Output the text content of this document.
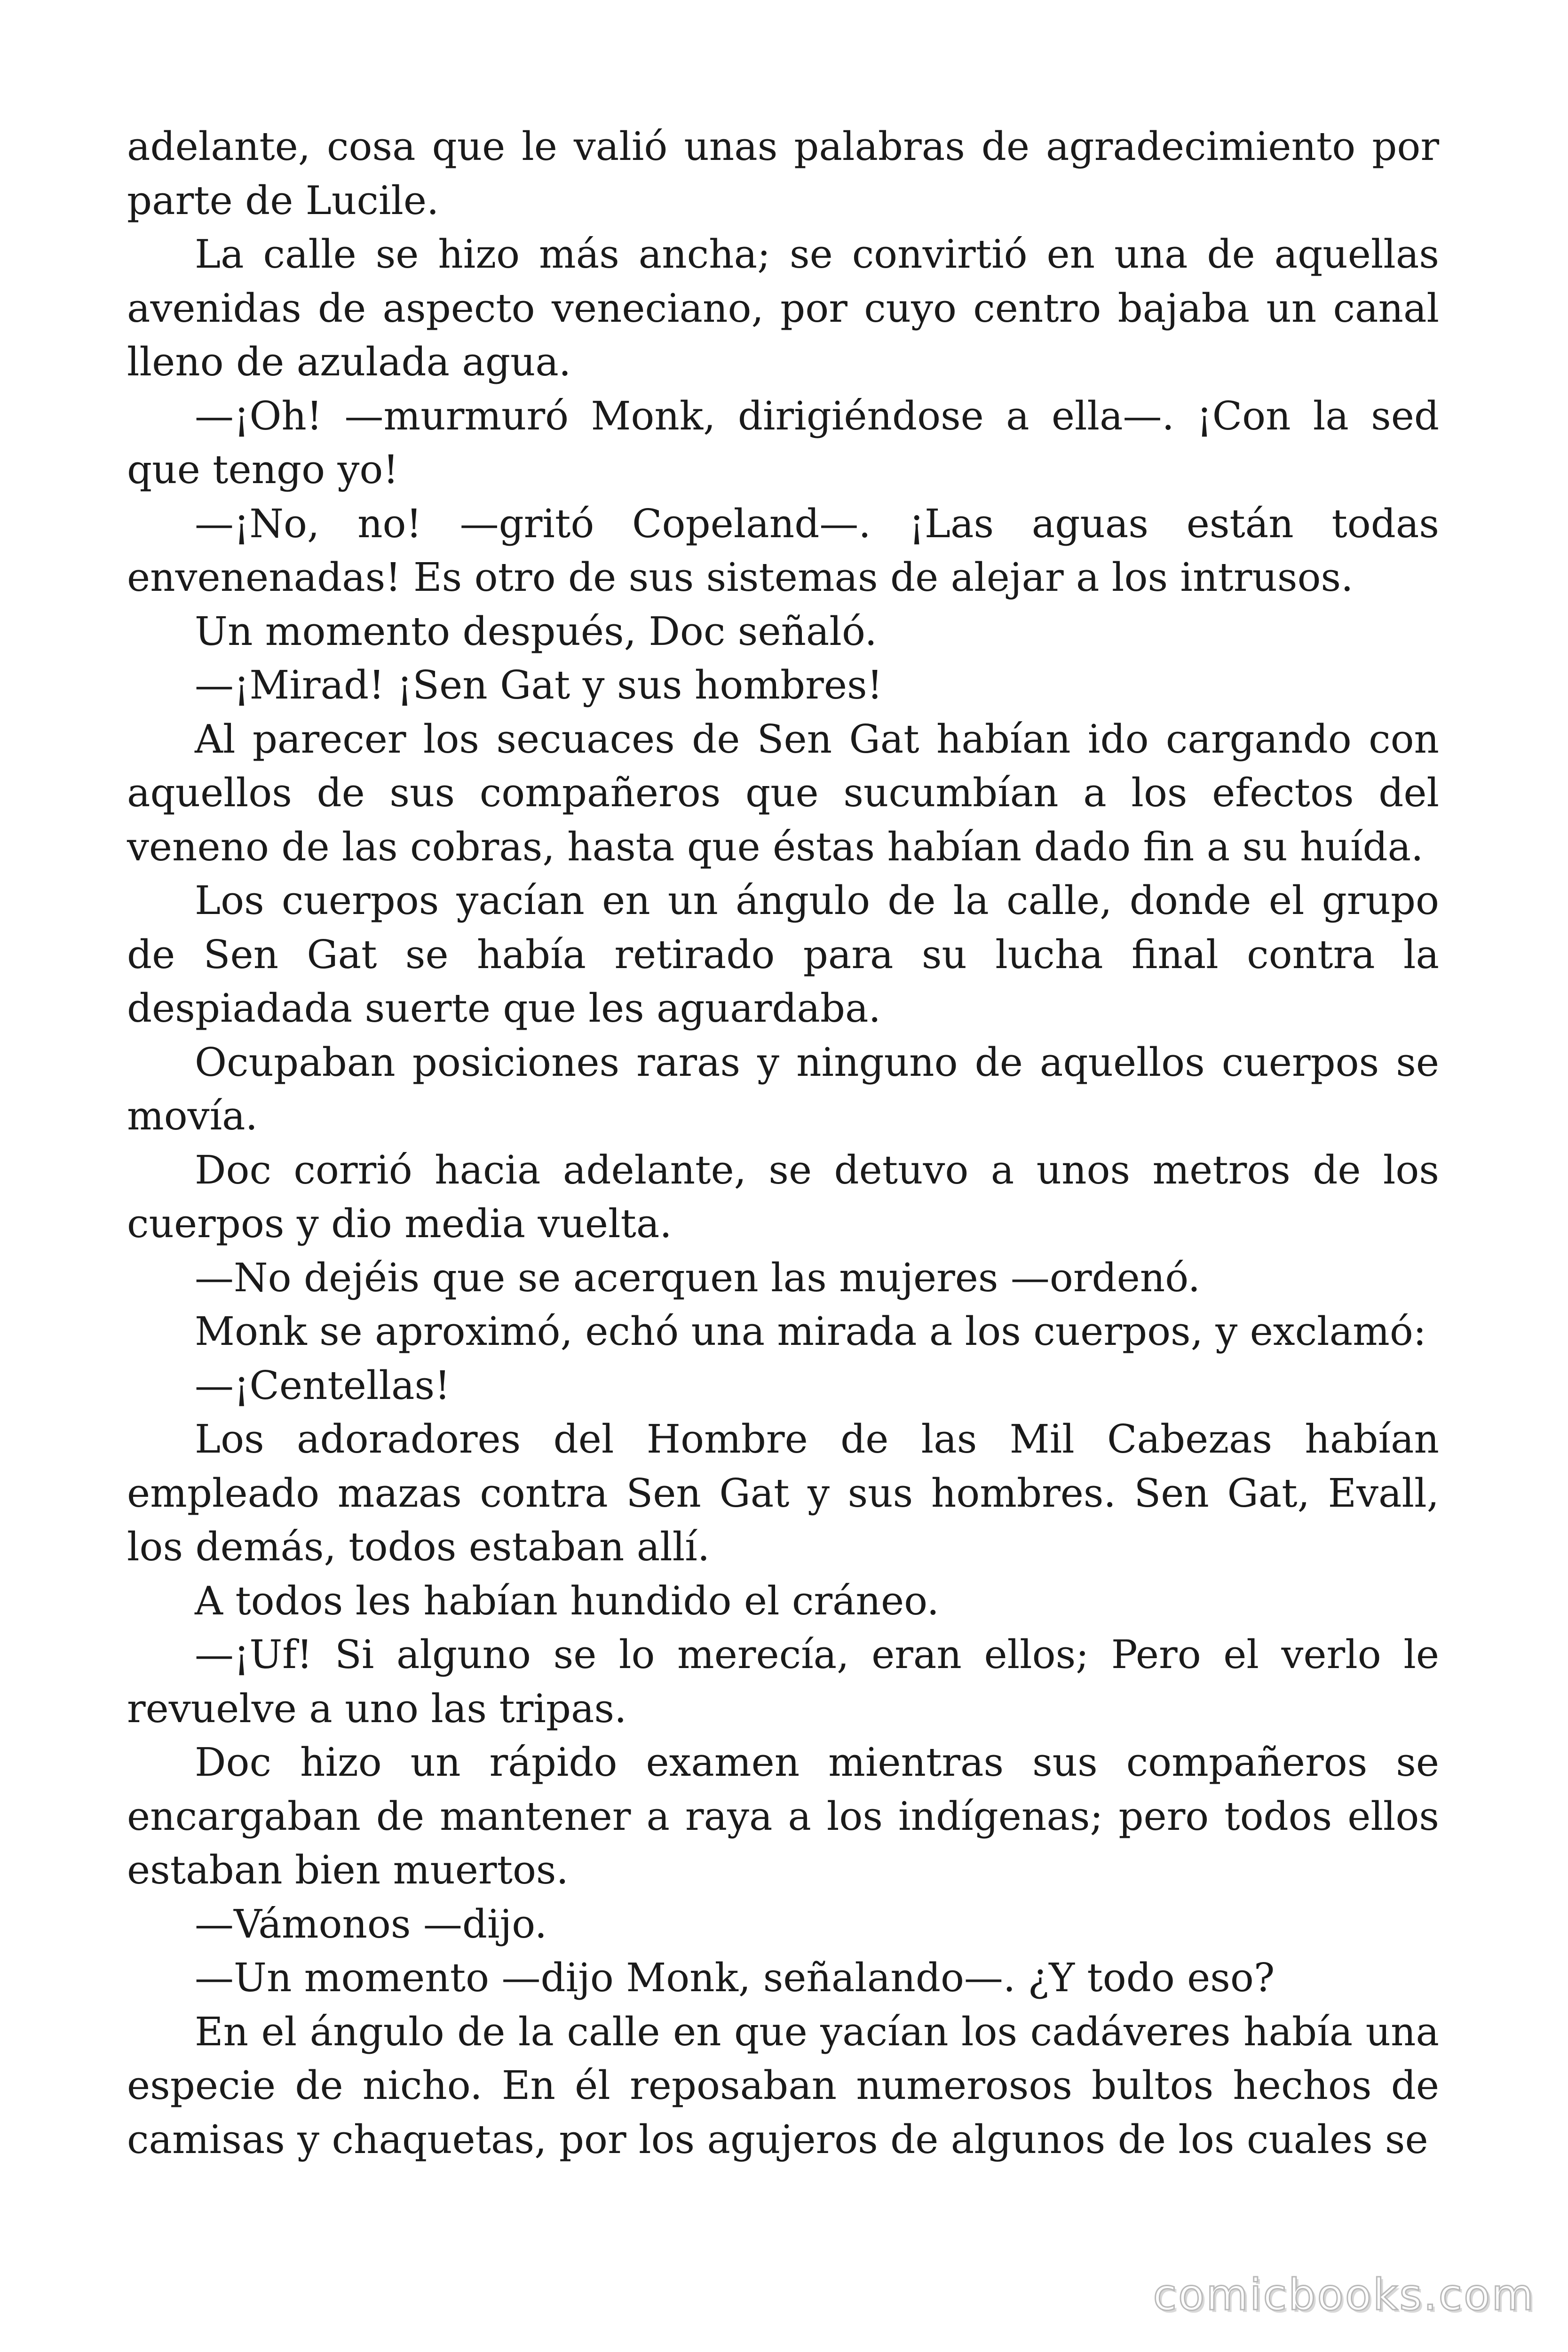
adelante, cosa que le valió unas palabras de agradecimiento por parte de Lucile.

La calle se hizo más ancha; se convirtió en una de aquellas avenidas de aspecto veneciano, por cuyo centro bajaba un canal lleno de azulada agua.

—¡Oh! —murmuró Monk, dirigiéndose a ella—. ¡Con la sed que tengo yo!

—¡No, no! —gritó Copeland—. ¡Las aguas están todas envenenadas! Es otro de sus sistemas de alejar a los intrusos.

Un momento después, Doc señaló.

—¡Mirad! ¡Sen Gat y sus hombres!

Al parecer los secuaces de Sen Gat habían ido cargando con aquellos de sus compañeros que sucumbían a los efectos del veneno de las cobras, hasta que éstas habían dado fin a su huída.

Los cuerpos yacían en un ángulo de la calle, donde el grupo de Sen Gat se había retirado para su lucha final contra la despiadada suerte que les aguardaba.

Ocupaban posiciones raras y ninguno de aquellos cuerpos se movía.

Doc corrió hacia adelante, se detuvo a unos metros de los cuerpos y dio media vuelta.

—No dejéis que se acerquen las mujeres —ordenó.

Monk se aproximó, echó una mirada a los cuerpos, y exclamó:

—¡Centellas!

Los adoradores del Hombre de las Mil Cabezas habían empleado mazas contra Sen Gat y sus hombres. Sen Gat, Evall, los demás, todos estaban allí.

A todos les habían hundido el cráneo.

—¡Uf! Si alguno se lo merecía, eran ellos; Pero el verlo le revuelve a uno las tripas.

Doc hizo un rápido examen mientras sus compañeros se encargaban de mantener a raya a los indígenas; pero todos ellos estaban bien muertos.

—Vámonos —dijo.

—Un momento —dijo Monk, señalando—. ¿Y todo eso?

En el ángulo de la calle en que yacían los cadáveres había una especie de nicho. En él reposaban numerosos bultos hechos de camisas y chaquetas, por los agujeros de algunos de los cuales se

comicbooks.com
